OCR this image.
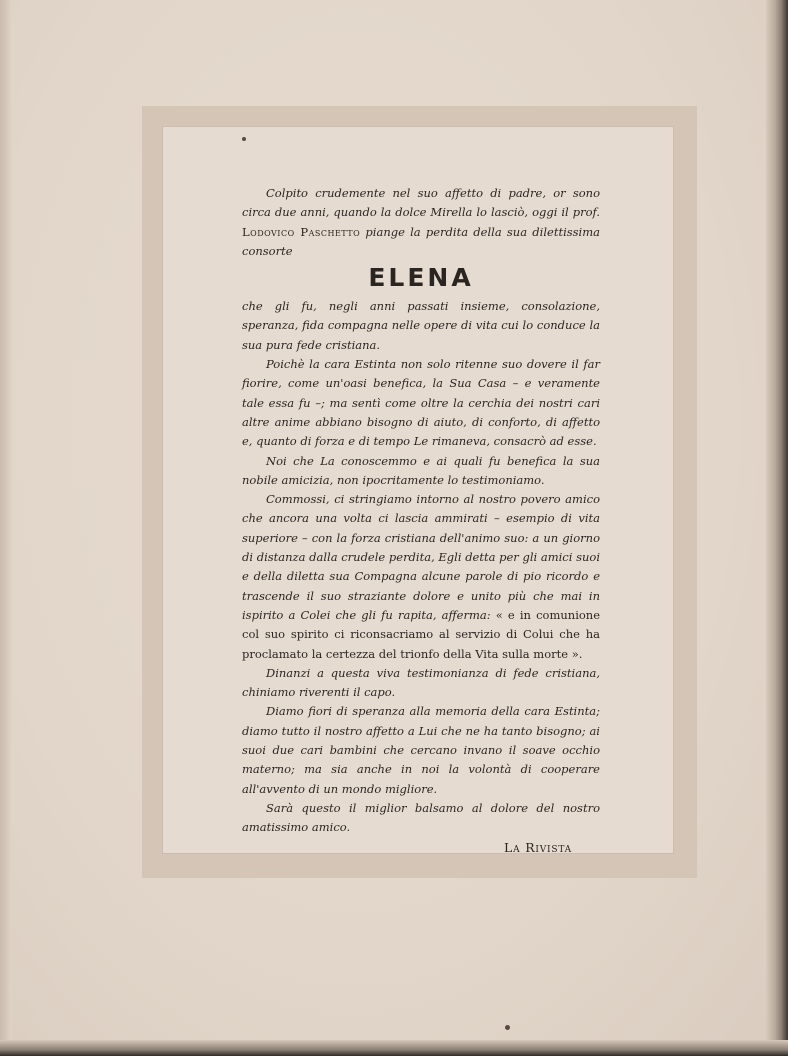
Colpito crudemente nel suo affetto di padre, or sono circa due anni, quando la dolce Mirella lo lasciò, oggi il prof. Lodovico Paschetto piange la perdita della sua dilettissima consorte

ELENA

che gli fu, negli anni passati insieme, consolazione, speranza, fida compagna nelle opere di vita cui lo conduce la sua pura fede cristiana.

Poichè la cara Estinta non solo ritenne suo dovere il far fiorire, come un'oasi benefica, la Sua Casa – e veramente tale essa fu –; ma sentì come oltre la cerchia dei nostri cari altre anime abbiano bisogno di aiuto, di conforto, di affetto e, quanto di forza e di tempo Le rimaneva, consacrò ad esse.

Noi che La conoscemmo e ai quali fu benefica la sua nobile amicizia, non ipocritamente lo testimoniamo.

Commossi, ci stringiamo intorno al nostro povero amico che ancora una volta ci lascia ammirati – esempio di vita superiore – con la forza cristiana dell'animo suo: a un giorno di distanza dalla crudele perdita, Egli detta per gli amici suoi e della diletta sua Compagna alcune parole di pio ricordo e trascende il suo straziante dolore e unito più che mai in ispirito a Colei che gli fu rapita, afferma: « e in comunione col suo spirito ci riconsacriamo al servizio di Colui che ha proclamato la certezza del trionfo della Vita sulla morte ».

Dinanzi a questa viva testimonianza di fede cristiana, chiniamo riverenti il capo.

Diamo fiori di speranza alla memoria della cara Estinta; diamo tutto il nostro affetto a Lui che ne ha tanto bisogno; ai suoi due cari bambini che cercano invano il soave occhio materno; ma sia anche in noi la volontà di cooperare all'avvento di un mondo migliore.

Sarà questo il miglior balsamo al dolore del nostro amatissimo amico.

La Rivista
